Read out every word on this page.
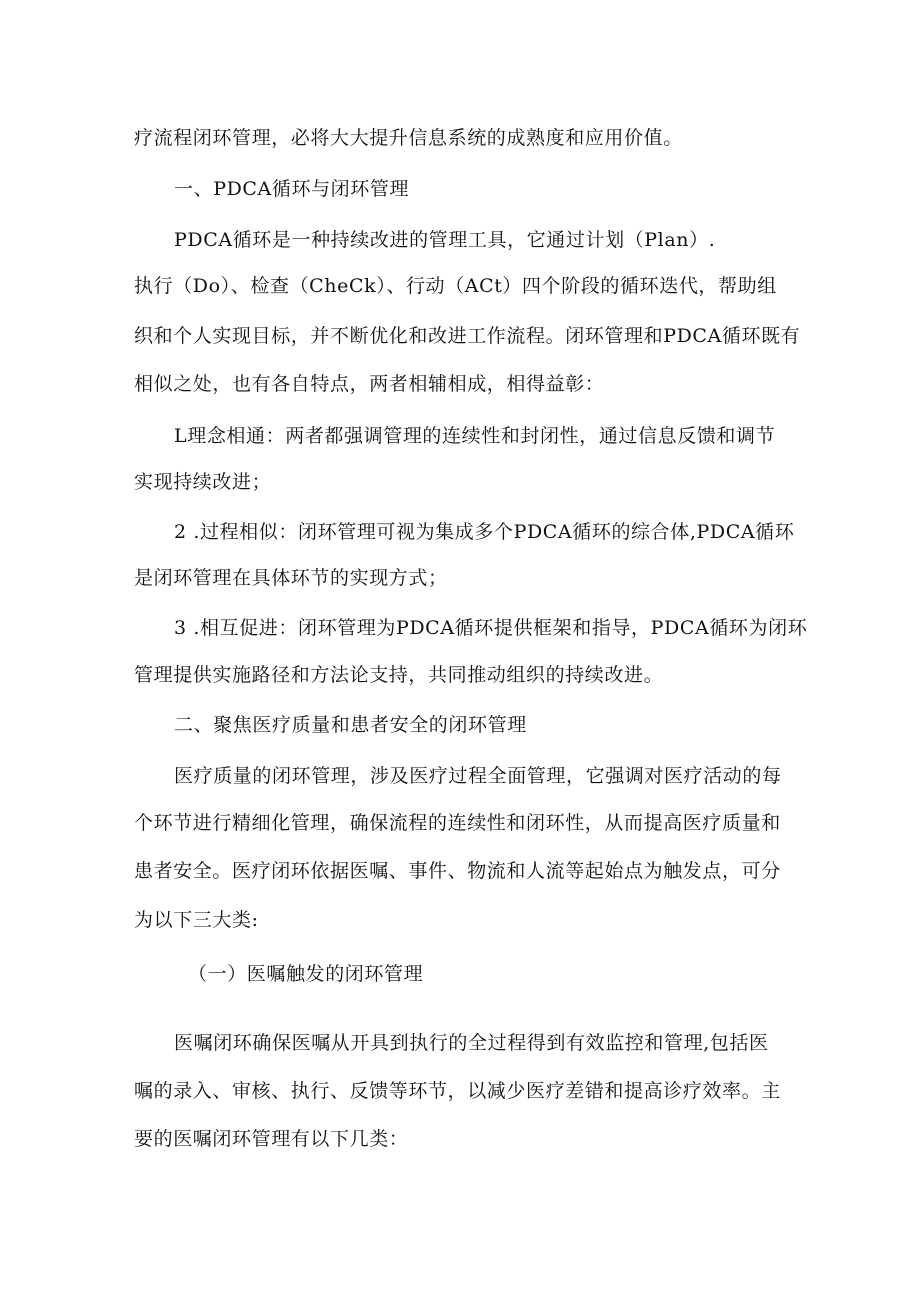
疗流程闭环管理，必将大大提升信息系统的成熟度和应用价值。
一、PDCA循环与闭环管理
PDCA循环是一种持续改进的管理工具，它通过计划（Plan）.
执行（Do）、检查（CheCk）、行动（ACt）四个阶段的循环迭代，帮助组
织和个人实现目标，并不断优化和改进工作流程。闭环管理和PDCA循环既有
相似之处，也有各自特点，两者相辅相成，相得益彰：
L理念相通：两者都强调管理的连续性和封闭性，通过信息反馈和调节
实现持续改进；
2 .过程相似：闭环管理可视为集成多个PDCA循环的综合体,PDCA循环
是闭环管理在具体环节的实现方式；
3 .相互促进：闭环管理为PDCA循环提供框架和指导，PDCA循环为闭环
管理提供实施路径和方法论支持，共同推动组织的持续改进。
二、聚焦医疗质量和患者安全的闭环管理
医疗质量的闭环管理，涉及医疗过程全面管理，它强调对医疗活动的每
个环节进行精细化管理，确保流程的连续性和闭环性，从而提高医疗质量和
患者安全。医疗闭环依据医嘱、事件、物流和人流等起始点为触发点，可分
为以下三大类:
（一）医嘱触发的闭环管理
医嘱闭环确保医嘱从开具到执行的全过程得到有效监控和管理,包括医
嘱的录入、审核、执行、反馈等环节，以减少医疗差错和提高诊疗效率。主
要的医嘱闭环管理有以下几类：
